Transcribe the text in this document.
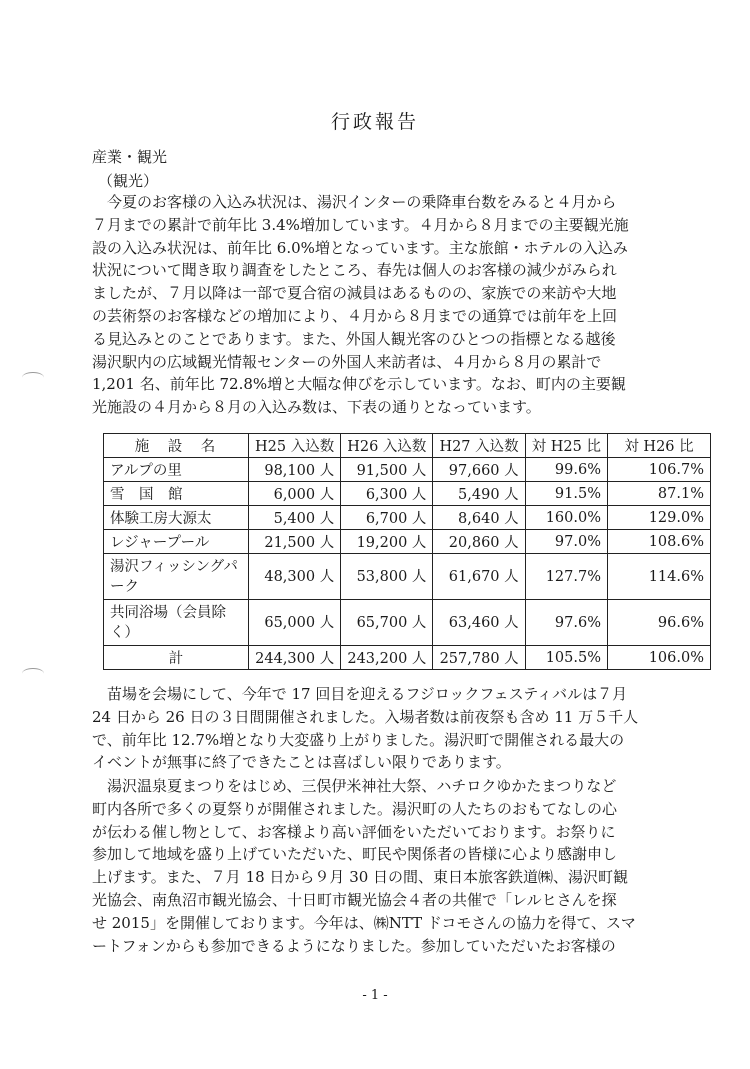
行政報告
産業・観光
（観光）

今夏のお客様の入込み状況は、湯沢インターの乗降車台数をみると４月から
７月までの累計で前年比 3.4%増加しています。４月から８月までの主要観光施
設の入込み状況は、前年比 6.0%増となっています。主な旅館・ホテルの入込み
状況について聞き取り調査をしたところ、春先は個人のお客様の減少がみられ
ましたが、７月以降は一部で夏合宿の減員はあるものの、家族での来訪や大地
の芸術祭のお客様などの増加により、４月から８月までの通算では前年を上回
る見込みとのことであります。また、外国人観光客のひとつの指標となる越後
湯沢駅内の広域観光情報センターの外国人来訪者は、４月から８月の累計で
1,201 名、前年比 72.8%増と大幅な伸びを示しています。なお、町内の主要観
光施設の４月から８月の入込み数は、下表の通りとなっています。

施　設　名	H25 入込数	H26 入込数	H27 入込数	対 H25 比	対 H26 比
アルプの里	98,100 人	91,500 人	97,660 人	99.6%	106.7%
雪　国　館	6,000 人	6,300 人	5,490 人	91.5%	87.1%
体験工房大源太	5,400 人	6,700 人	8,640 人	160.0%	129.0%
レジャープール	21,500 人	19,200 人	20,860 人	97.0%	108.6%
湯沢フィッシングパーク	48,300 人	53,800 人	61,670 人	127.7%	114.6%
共同浴場（会員除く）	65,000 人	65,700 人	63,460 人	97.6%	96.6%
計	244,300 人	243,200 人	257,780 人	105.5%	106.0%

苗場を会場にして、今年で 17 回目を迎えるフジロックフェスティバルは７月
24 日から 26 日の３日間開催されました。入場者数は前夜祭も含め 11 万５千人
で、前年比 12.7%増となり大変盛り上がりました。湯沢町で開催される最大の
イベントが無事に終了できたことは喜ばしい限りであります。

湯沢温泉夏まつりをはじめ、三俣伊米神社大祭、ハチロクゆかたまつりなど
町内各所で多くの夏祭りが開催されました。湯沢町の人たちのおもてなしの心
が伝わる催し物として、お客様より高い評価をいただいております。お祭りに
参加して地域を盛り上げていただいた、町民や関係者の皆様に心より感謝申し
上げます。また、７月 18 日から９月 30 日の間、東日本旅客鉄道㈱、湯沢町観
光協会、南魚沼市観光協会、十日町市観光協会４者の共催で「レルヒさんを探
せ 2015」を開催しております。今年は、㈱NTT ドコモさんの協力を得て、スマ
ートフォンからも参加できるようになりました。参加していただいたお客様の

- 1 -
